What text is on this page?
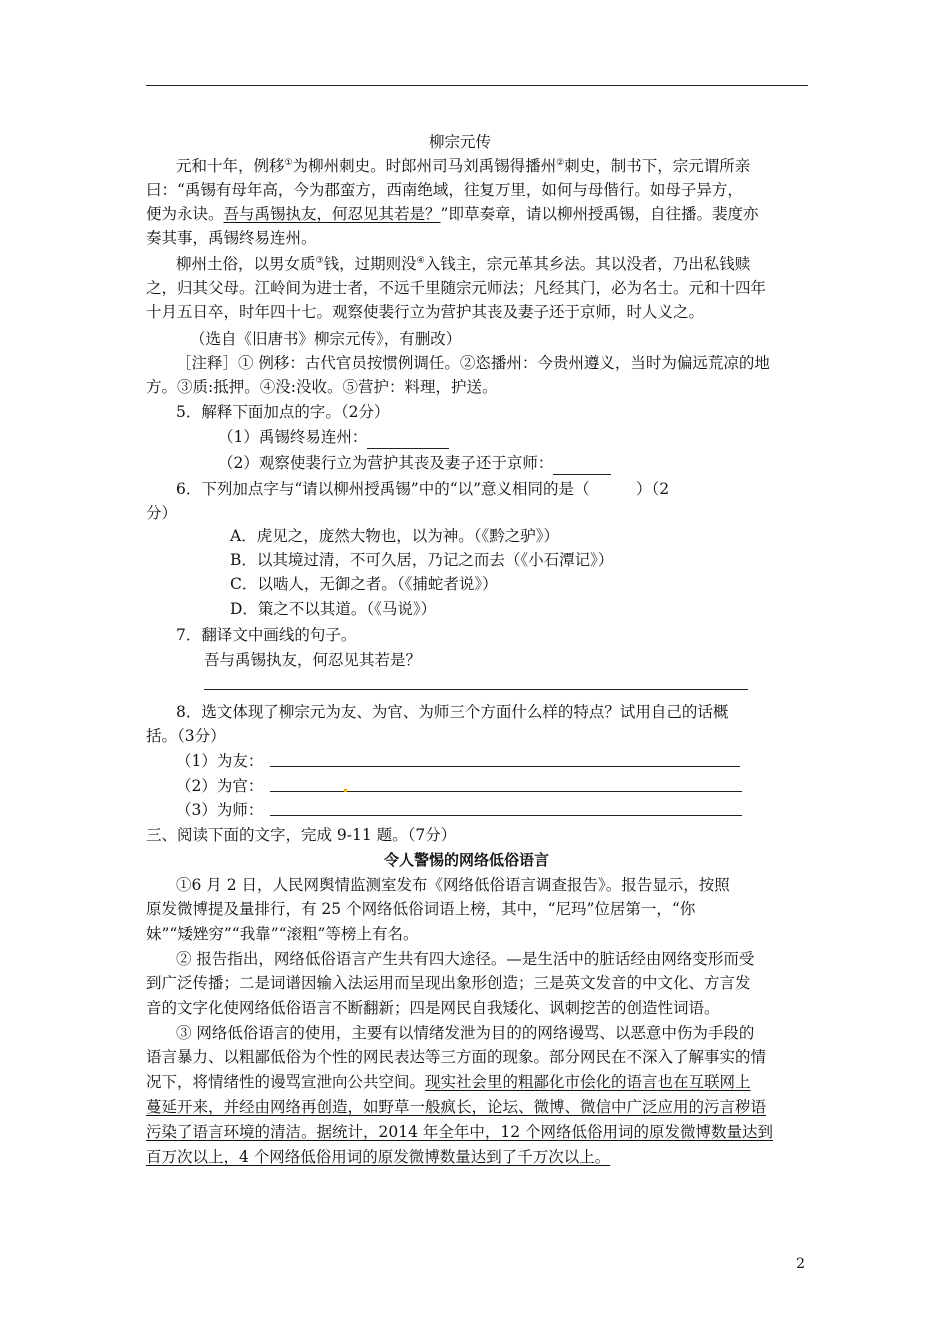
柳宗元传
元和十年，例移①为柳州刺史。时郎州司马刘禹锡得播州②刺史，制书下，宗元谓所亲
曰：“禹锡有母年高，今为郡蛮方，西南绝域，往复万里，如何与母偕行。如母子异方，
便为永诀。吾与禹锡执友，何忍见其若是？”即草奏章，请以柳州授禹锡，自往播。裴度亦
奏其事，禹锡终易连州。
柳州土俗，以男女质③钱，过期则没④入钱主，宗元革其乡法。其以没者，乃出私钱赎
之，归其父母。江岭间为进士者，不远千里随宗元师法；凡经其门，必为名士。元和十四年
十月五日卒，时年四十七。观察使裴行立为营护其丧及妻子还于京师，时人义之。
（选自《旧唐书》柳宗元传》，有删改）
［注释］① 例移：古代官员按惯例调任。②恣播州：今贵州遵义，当时为偏远荒凉的地
方。③质:抵押。④没:没收。⑤营护：料理，护送。
5．解释下面加点的字。（2分）
（1）禹锡终易连州：
（2）观察使裴行立为营护其丧及妻子还于京师：
6．下列加点字与“请以柳州授禹锡”中的“以”意义相同的是（　　　）（2
分）
A．虎见之，庞然大物也，以为神。（《黔之驴》）
B．以其境过清，不可久居，乃记之而去（《小石潭记》）
C．以啮人，无御之者。（《捕蛇者说》）
D．策之不以其道。（《马说》）
7．翻译文中画线的句子。
吾与禹锡执友，何忍见其若是？
8．选文体现了柳宗元为友、为官、为师三个方面什么样的特点？试用自己的话概
括。（3分）
（1）为友：
（2）为官：
（3）为师：
三、阅读下面的文字，完成 9-11 题。（7分）
令人警惕的网络低俗语言
①6 月 2 日，人民网舆情监测室发布《网络低俗语言调查报告》。报告显示，按照
原发微博提及量排行，有 25 个网络低俗词语上榜，其中，“尼玛”位居第一，“你
妹”“矮矬穷”“我靠”“滚粗”等榜上有名。
② 报告指出，网络低俗语言产生共有四大途径。—是生活中的脏话经由网络变形而受
到广泛传播；二是词谱因输入法运用而呈现出象形创造；三是英文发音的中文化、方言发
音的文字化使网络低俗语言不断翻新；四是网民自我矮化、讽刺挖苦的创造性词语。
③ 网络低俗语言的使用，主要有以情绪发泄为目的的网络谩骂、以恶意中伤为手段的
语言暴力、以粗鄙低俗为个性的网民表达等三方面的现象。部分网民在不深入了解事实的情
况下，将情绪性的谩骂宣泄向公共空间。现实社会里的粗鄙化市侩化的语言也在互联网上
蔓延开来，并经由网络再创造，如野草一般疯长，论坛、微博、微信中广泛应用的污言秽语
污染了语言环境的清洁。据统计，2014 年全年中，12 个网络低俗用词的原发微博数量达到
百万次以上，4 个网络低俗用词的原发微博数量达到了千万次以上。
2
